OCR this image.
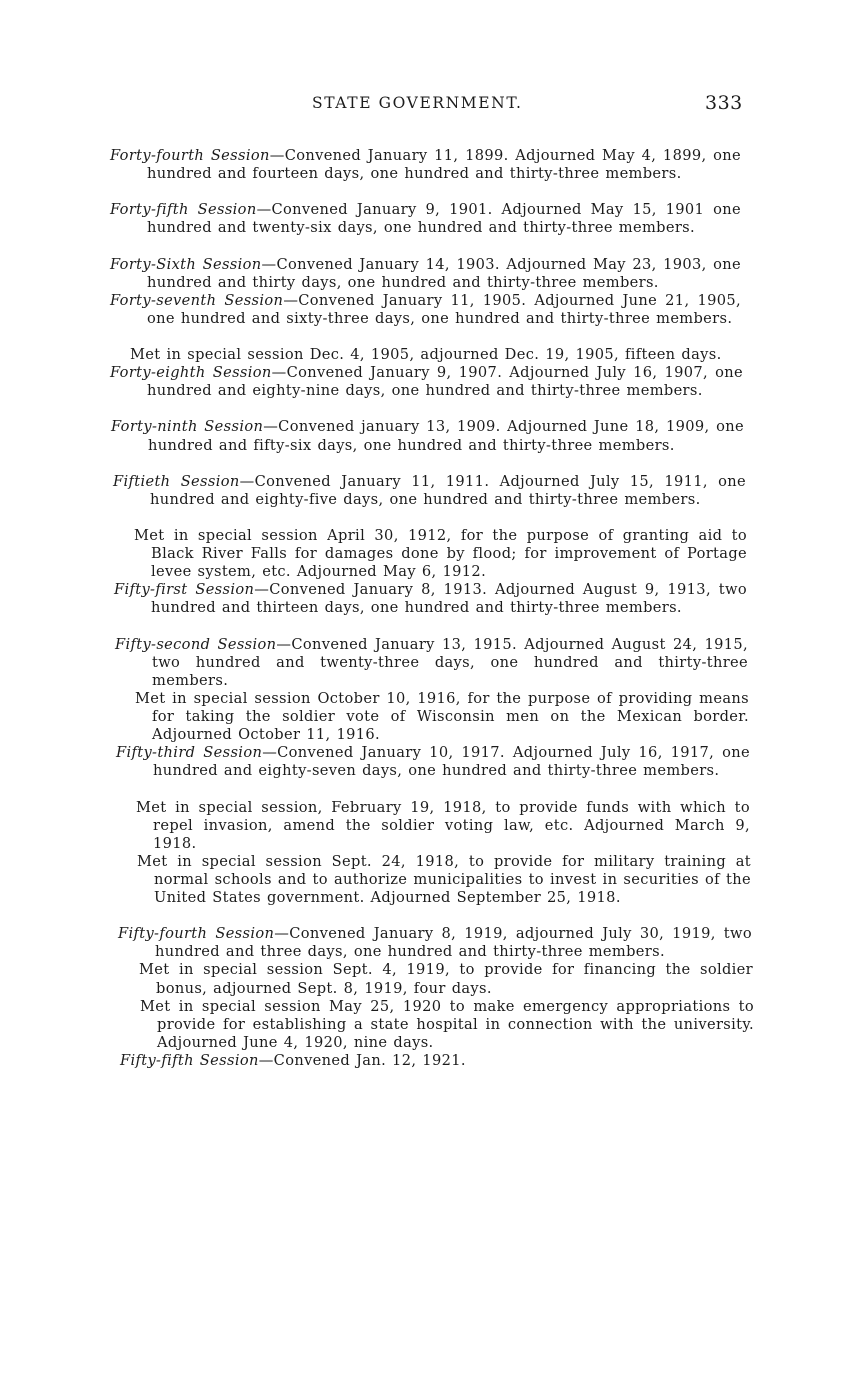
STATE GOVERNMENT.	333
Forty-fourth Session—Convened January 11, 1899. Adjourned May 4, 1899, one hundred and fourteen days, one hundred and thirty-three members.
Forty-fifth Session—Convened January 9, 1901. Adjourned May 15, 1901 one hundred and twenty-six days, one hundred and thirty-three members.
Forty-Sixth Session—Convened January 14, 1903. Adjourned May 23, 1903, one hundred and thirty days, one hundred and thirty-three members.
Forty-seventh Session—Convened January 11, 1905. Adjourned June 21, 1905, one hundred and sixty-three days, one hundred and thirty-three members.
Met in special session Dec. 4, 1905, adjourned Dec. 19, 1905, fifteen days.
Forty-eighth Session—Convened January 9, 1907. Adjourned July 16, 1907, one hundred and eighty-nine days, one hundred and thirty-three members.
Forty-ninth Session—Convened january 13, 1909. Adjourned June 18, 1909, one hundred and fifty-six days, one hundred and thirty-three members.
Fiftieth Session—Convened January 11, 1911. Adjourned July 15, 1911, one hundred and eighty-five days, one hundred and thirty-three members.
Met in special session April 30, 1912, for the purpose of granting aid to Black River Falls for damages done by flood; for improvement of Portage levee system, etc. Adjourned May 6, 1912.
Fifty-first Session—Convened January 8, 1913. Adjourned August 9, 1913, two hundred and thirteen days, one hundred and thirty-three members.
Fifty-second Session—Convened January 13, 1915. Adjourned August 24, 1915, two hundred and twenty-three days, one hundred and thirty-three members.
Met in special session October 10, 1916, for the purpose of providing means for taking the soldier vote of Wisconsin men on the Mexican border. Adjourned October 11, 1916.
Fifty-third Session—Convened January 10, 1917. Adjourned July 16, 1917, one hundred and eighty-seven days, one hundred and thirty-three members.
Met in special session, February 19, 1918, to provide funds with which to repel invasion, amend the soldier voting law, etc. Adjourned March 9, 1918.
Met in special session Sept. 24, 1918, to provide for military training at normal schools and to authorize municipalities to invest in securities of the United States government. Adjourned September 25, 1918.
Fifty-fourth Session—Convened January 8, 1919, adjourned July 30, 1919, two hundred and three days, one hundred and thirty-three members.
Met in special session Sept. 4, 1919, to provide for financing the soldier bonus, adjourned Sept. 8, 1919, four days.
Met in special session May 25, 1920 to make emergency appropriations to provide for establishing a state hospital in connection with the university. Adjourned June 4, 1920, nine days.
Fifty-fifth Session—Convened Jan. 12, 1921.
